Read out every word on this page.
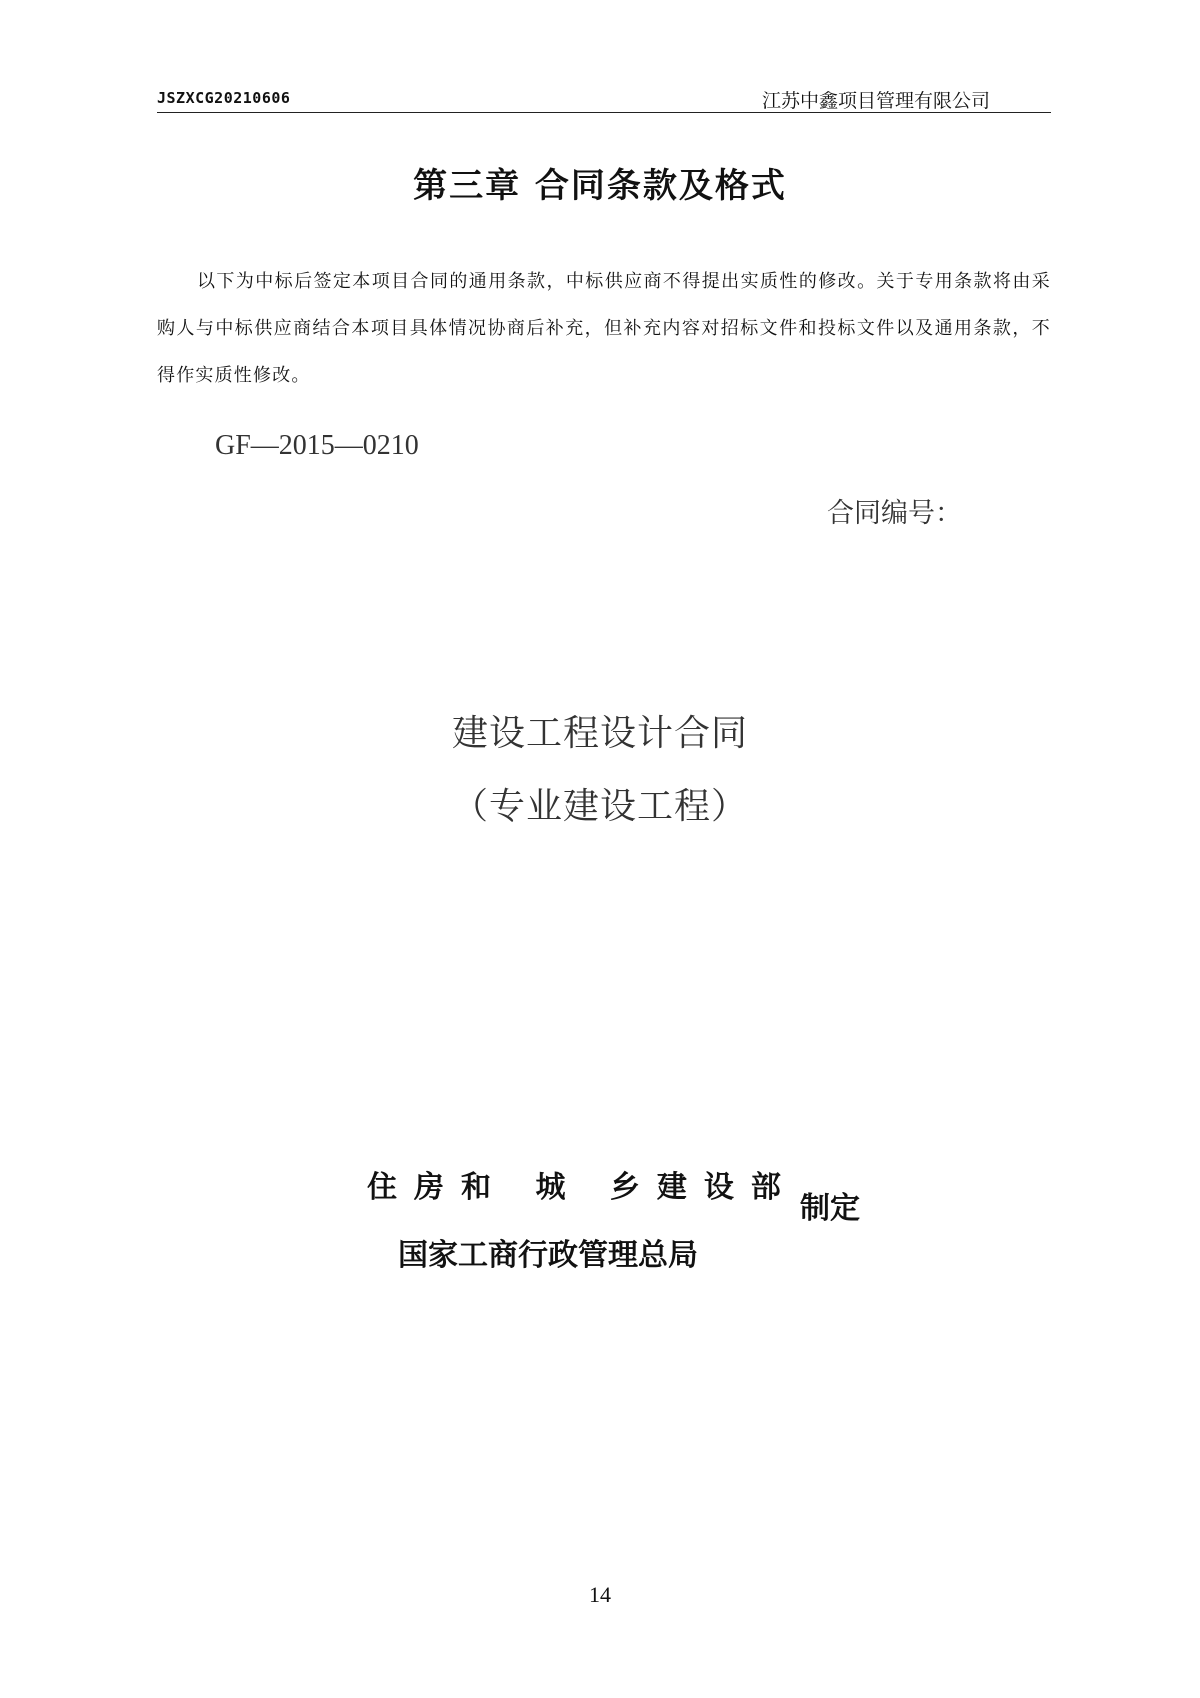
JSZXCG20210606	江苏中鑫项目管理有限公司
第三章 合同条款及格式
以下为中标后签定本项目合同的通用条款，中标供应商不得提出实质性的修改。关于专用条款将由采购人与中标供应商结合本项目具体情况协商后补充，但补充内容对招标文件和投标文件以及通用条款，不得作实质性修改。
GF—2015—0210
合同编号：
建设工程设计合同
（专业建设工程）
住房和 城 乡建设部
制定
国家工商行政管理总局
14
